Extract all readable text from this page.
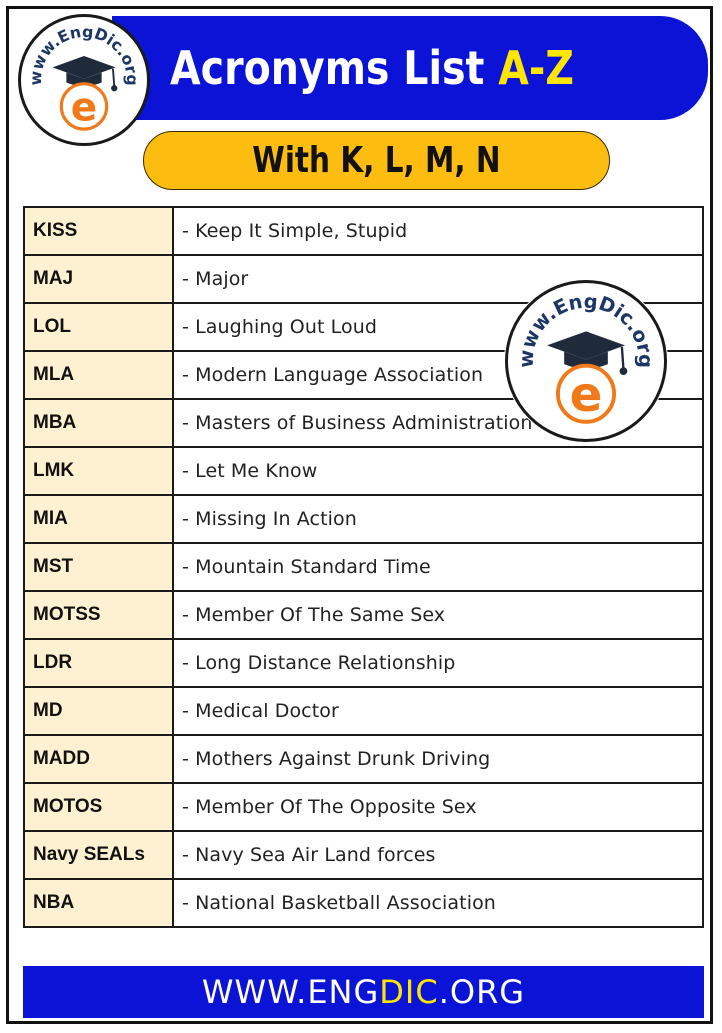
Acronyms List A-Z
www.EngDic.org
e
With K, L, M, N
KISS	- Keep It Simple, Stupid
MAJ	- Major
LOL	- Laughing Out Loud
MLA	- Modern Language Association
MBA	- Masters of Business Administration
LMK	- Let Me Know
MIA	- Missing In Action
MST	- Mountain Standard Time
MOTSS	- Member Of The Same Sex
LDR	- Long Distance Relationship
MD	- Medical Doctor
MADD	- Mothers Against Drunk Driving
MOTOS	- Member Of The Opposite Sex
Navy SEALs	- Navy Sea Air Land forces
NBA	- National Basketball Association
www.EngDic.org
e
WWW.ENGDIC.ORG
